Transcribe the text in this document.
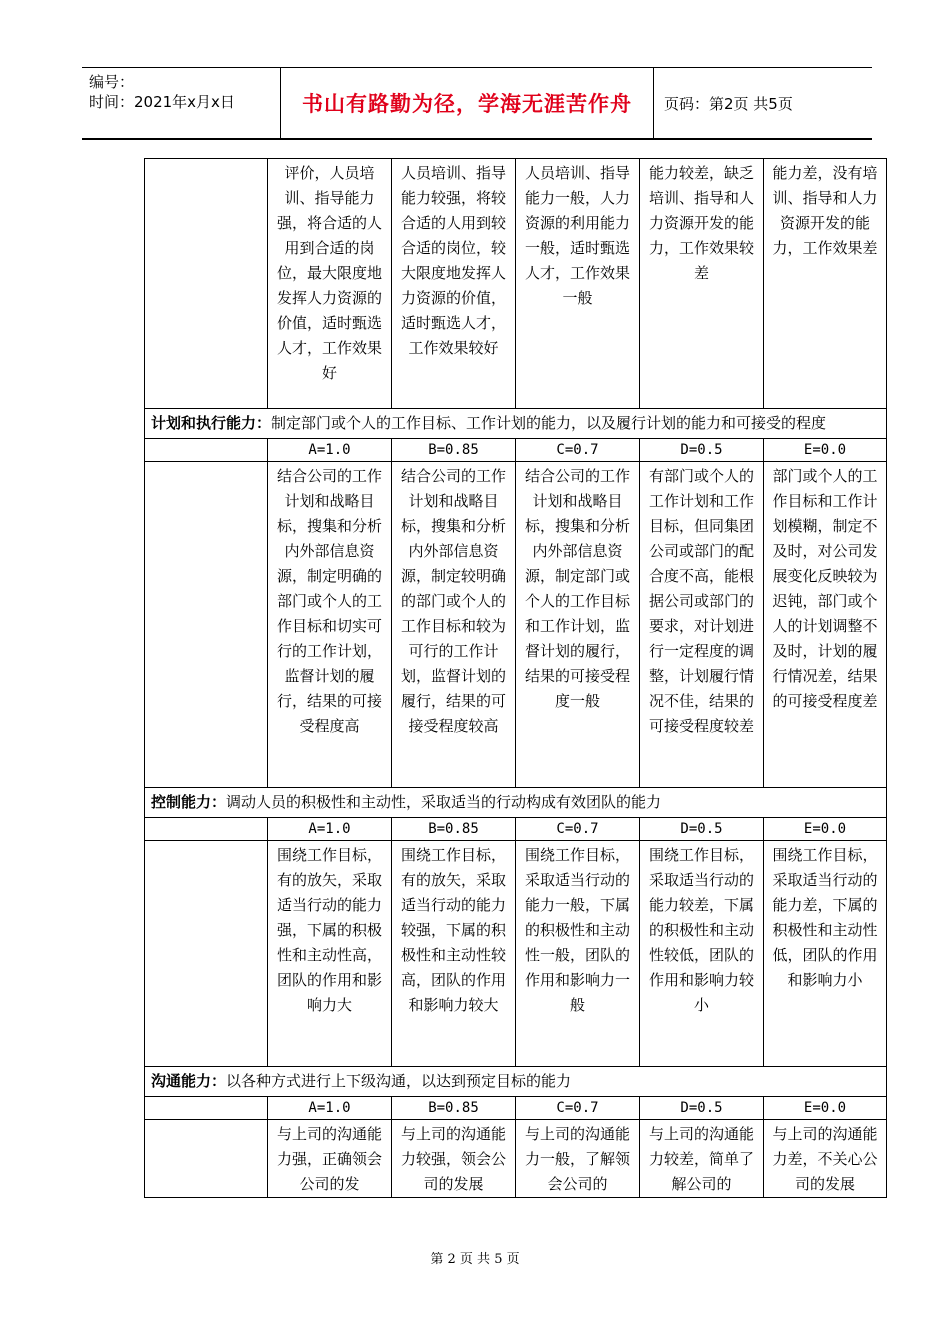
编号：
时间：2021年x月x日	书山有路勤为径，学海无涯苦作舟 页码：第2页 共5页
	评价，人员培训、指导能力强，将合适的人用到合适的岗位，最大限度地发挥人力资源的价值，适时甄选人才，工作效果好	人员培训、指导能力较强，将较合适的人用到较合适的岗位，较大限度地发挥人力资源的价值，适时甄选人才，工作效果较好	人员培训、指导能力一般，人力资源的利用能力一般，适时甄选人才，工作效果一般	能力较差，缺乏培训、指导和人力资源开发的能力，工作效果较差	能力差，没有培训、指导和人力资源开发的能力，工作效果差
计划和执行能力：制定部门或个人的工作目标、工作计划的能力，以及履行计划的能力和可接受的程度					
	A=1.0	B=0.85	C=0.7	D=0.5	E=0.0
	结合公司的工作计划和战略目标，搜集和分析内外部信息资源，制定明确的部门或个人的工作目标和切实可行的工作计划，监督计划的履行，结果的可接受程度高	结合公司的工作计划和战略目标，搜集和分析内外部信息资源，制定较明确的部门或个人的工作目标和较为可行的工作计划，监督计划的履行，结果的可接受程度较高	结合公司的工作计划和战略目标，搜集和分析内外部信息资源，制定部门或个人的工作目标和工作计划，监督计划的履行，结果的可接受程度一般	有部门或个人的工作计划和工作目标，但同集团公司或部门的配合度不高，能根据公司或部门的要求，对计划进行一定程度的调整，计划履行情况不佳，结果的可接受程度较差	部门或个人的工作目标和工作计划模糊，制定不及时，对公司发展变化反映较为迟钝，部门或个人的计划调整不及时，计划的履行情况差，结果的可接受程度差
控制能力：调动人员的积极性和主动性，采取适当的行动构成有效团队的能力					
	A=1.0	B=0.85	C=0.7	D=0.5	E=0.0
	围绕工作目标，有的放矢，采取适当行动的能力强，下属的积极性和主动性高，团队的作用和影响力大	围绕工作目标，有的放矢，采取适当行动的能力较强，下属的积极性和主动性较高，团队的作用和影响力较大	围绕工作目标，采取适当行动的能力一般，下属的积极性和主动性一般，团队的作用和影响力一般	围绕工作目标，采取适当行动的能力较差，下属的积极性和主动性较低，团队的作用和影响力较小	围绕工作目标，采取适当行动的能力差，下属的积极性和主动性低，团队的作用和影响力小
沟通能力：以各种方式进行上下级沟通，以达到预定目标的能力					
	A=1.0	B=0.85	C=0.7	D=0.5	E=0.0
	与上司的沟通能力强，正确领会公司的发	与上司的沟通能力较强，领会公司的发展	与上司的沟通能力一般，了解领会公司的	与上司的沟通能力较差，简单了解公司的	与上司的沟通能力差，不关心公司的发展
第 2 页 共 5 页
